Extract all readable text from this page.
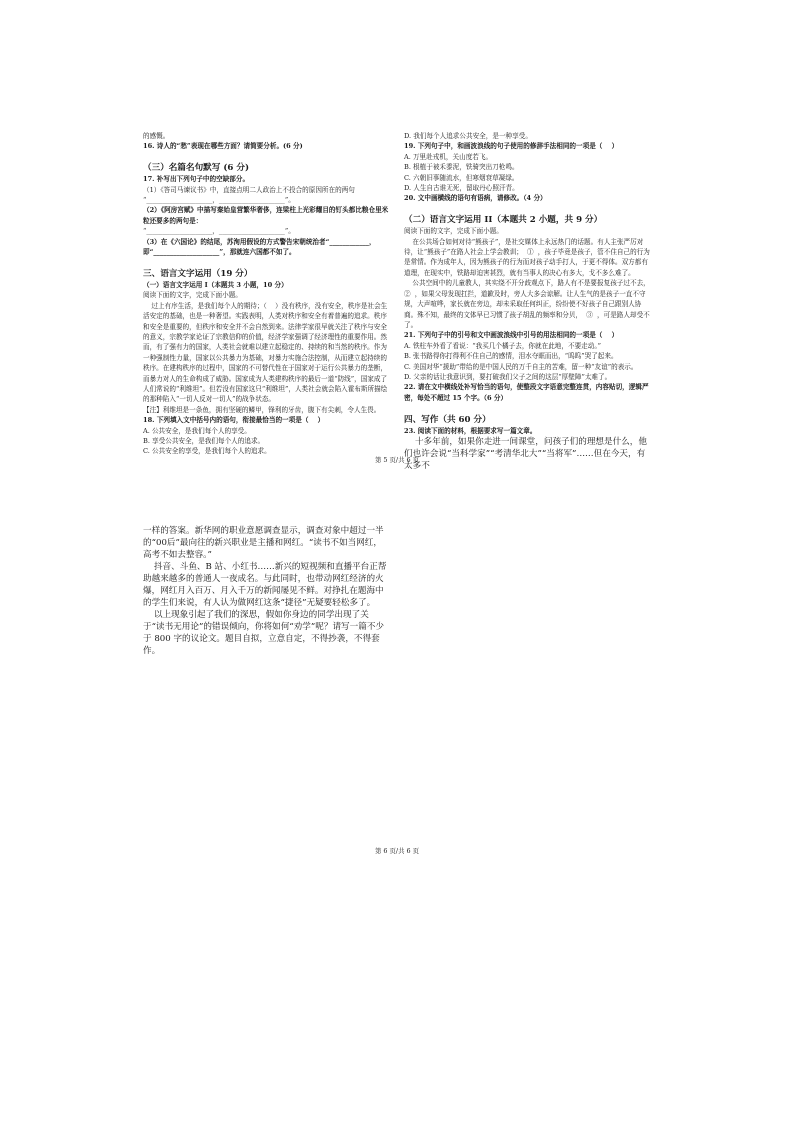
的感慨。

16. 诗人的“愁”表现在哪些方面？请简要分析。(6 分)

（三）名篇名句默写 (6 分)

17. 补写出下列句子中的空缺部分。

（1）《答司马谏议书》中，直接点明二人政治上不投合的原因所在的两句

“____________________，____________________”。

（2）《阿房宫赋》中描写秦始皇营繁华奢侈，连梁柱上光彩耀目的钉头都比粮仓里米粒还要多的两句是：

“____________________，____________________”。

（3）在《六国论》的结尾，苏洵用假设的方式警告宋朝统治者“____________，即“____________________”，那就连六国都不如了。

三、语言文字运用（19 分）

（一）语言文字运用 I（本题共 3 小题，10 分）

阅读下面的文字，完成下面小题。

过上有序生活，是我们每个人的期待；（    ）没有秩序，没有安全，秩序是社会生活安定的基础，也是一种奢望。实践表明，人类对秩序和安全有着普遍的追求。秩序和安全是重要的，但秩序和安全并不会自然到来。法律学家很早就关注了秩序与安全的意义，宗教学家论证了宗教信仰的价值，经济学家强调了经济理性的重要作用。然而，有了强有力的国家，人类社会就难以建立起稳定的、持续的和当然的秩序。作为一种强制性力量，国家以公共暴力为基础，对暴力实施合法控制，从而建立起持续的秩序。在建构秩序的过程中，国家的不可替代性在于国家对于运行公共暴力的垄断，而暴力对人的生命构成了威胁。国家成为人类建构秩序的最后一道“防线”，国家成了人们常说的“利维坦”。但若没有国家这只“利维坦”，人类社会就会陷入霍布斯所描绘的那种陷入“一切人反对一切人”的战争状态。

【注】利维坦是一条鱼，拥有坚硬的鳞甲，锋利的牙齿，腹下有尖刺，令人生畏。

18. 下列填入文中括号内的语句，衔接最恰当的一项是（    ）

A. 公共安全，是我们每个人的享受。

B. 享受公共安全，是我们每个人的追求。

C. 公共安全的享受，是我们每个人的追求。

D. 我们每个人追求公共安全，是一种享受。

19. 下列句子中，和画波浪线的句子使用的修辞手法相同的一项是（    ）

A. 万里赴戎机，关山度若飞。

B. 根植于被禾黍泥，铁骑突出刀枪鸣。

C. 六朝旧事随流水，但寒烟衰草凝绿。

D. 人生自古谁无死，留取丹心照汗青。

20. 文中画横线的语句有语病，请修改。（4 分）

（二）语言文字运用 II（本题共 2 小题，共 9 分）

阅读下面的文字，完成下面小题。

在公共场合如何对待“熊孩子”，是社交媒体上永远热门的话题。有人主张严厉对待，让“熊孩子”在路人社会上学会教训；  ①  ，孩子毕竟是孩子，管不住自己的行为是常情。作为成年人，因为熊孩子的行为而对孩子动手打人，于更不得体。双方都有道理，在现实中，铁路却迫害甚烈，就有当事人的决心有多大，戈不多么难了。

公共空间中的儿童教人，其实绕不开分歧观点下，路人有不是要报复孩子过不去，  ②  ，如果父母发现扛拦，道歉及时，旁人大多会谅解。让人生气的是孩子一直不守规，大声喧哗，家长就在旁边，却未采取任何纠正，纷纷使不好孩子自己跟别人协商。殊不知，最终的文体早已习惯了孩子胡乱的频率和分贝，  ③  ，可是路人却受不了。

21. 下列句子中的引号和文中画波浪线中引号的用法相同的一项是（    ）

A. 铁柱车外看了看说：“我买几个橘子去，你就在此地，不要走动。”

B. 张书路得你打得利不住自己的感情，泪水夺眶而出，“呜呜”哭了起来。

C. 美国对华“援助”带给的是中国人民的万千自主的苦难，留一种“友谊”的表示。

D. 父亲的话让我意识到，要打破我们父子之间的这层“厚壁障”太难了。

22. 请在文中横线处补写恰当的语句，使整段文字语意完整连贯，内容贴切，逻辑严密，每处不超过 15 个字。（6 分）

四、写作（共 60 分）

23. 阅读下面的材料，根据要求写一篇文章。

十多年前，如果你走进一间课堂，问孩子们的理想是什么，他们也许会说“当科学家”“考清华北大”“当将军”……但在今天，有太多不

第 5 页/共 6 页

一样的答案。新华网的职业意愿调查显示，调查对象中超过一半的“00后”最向往的新兴职业是主播和网红。“读书不如当网红，高考不如去整容。”

抖音、斗鱼、B 站、小红书……新兴的短视频和直播平台正帮助越来越多的普通人一夜成名。与此同时，也带动网红经济的火爆，网红月入百万、月入千万的新闻屡见不鲜。对挣扎在题海中的学生们来说，有人认为做网红这条“捷径”无疑要轻松多了。

以上现象引起了我们的深思，假如你身边的同学出现了关于“读书无用论”的错误倾向，你将如何“劝学”呢？请写一篇不少于 800 字的议论文。题目自拟，立意自定，不得抄袭，不得套作。

第 6 页/共 6 页
